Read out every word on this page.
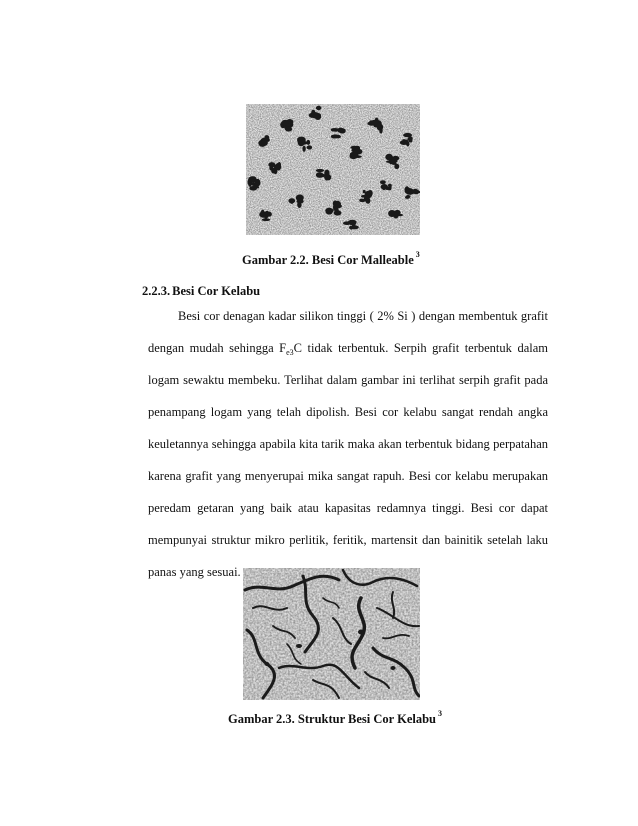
Gambar 2.2. Besi Cor Malleable $^3$
2.2.3. Besi Cor Kelabu
Besi cor denagan kadar silikon tinggi ( 2% Si ) dengan membentuk grafit
dengan mudah sehingga $F_{e3}C$ tidak terbentuk. Serpih grafit terbentuk dalam
logam sewaktu membeku. Terlihat dalam gambar ini terlihat serpih grafit pada
penampang logam yang telah dipolish. Besi cor kelabu sangat rendah angka
keuletannya sehingga apabila kita tarik maka akan terbentuk bidang perpatahan
karena grafit yang menyerupai mika sangat rapuh. Besi cor kelabu merupakan
peredam getaran yang baik atau kapasitas redamnya tinggi. Besi cor dapat
mempunyai struktur mikro perlitik, feritik, martensit dan bainitik setelah laku
panas yang sesuai.
Gambar 2.3. Struktur Besi Cor Kelabu $^3$
